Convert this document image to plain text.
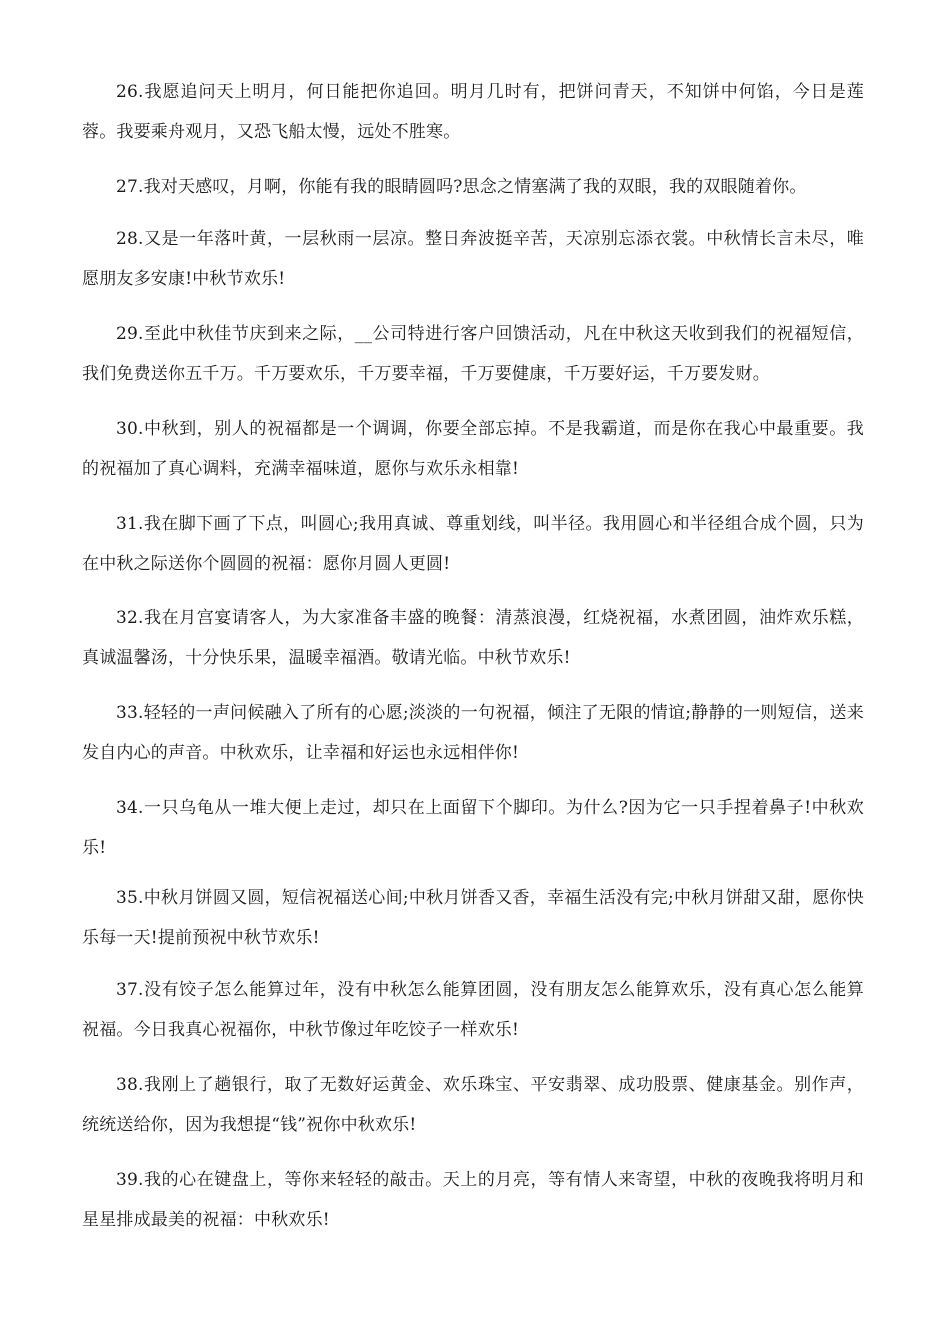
26.我愿追问天上明月，何日能把你追回。明月几时有，把饼问青天，不知饼中何馅，今日是莲蓉。我要乘舟观月，又恐飞船太慢，远处不胜寒。

27.我对天感叹，月啊，你能有我的眼睛圆吗?思念之情塞满了我的双眼，我的双眼随着你。

28.又是一年落叶黄，一层秋雨一层凉。整日奔波挺辛苦，天凉别忘添衣裳。中秋情长言未尽，唯愿朋友多安康!中秋节欢乐!

29.至此中秋佳节庆到来之际，__公司特进行客户回馈活动，凡在中秋这天收到我们的祝福短信，我们免费送你五千万。千万要欢乐，千万要幸福，千万要健康，千万要好运，千万要发财。

30.中秋到，别人的祝福都是一个调调，你要全部忘掉。不是我霸道，而是你在我心中最重要。我的祝福加了真心调料，充满幸福味道，愿你与欢乐永相靠!

31.我在脚下画了下点，叫圆心;我用真诚、尊重划线，叫半径。我用圆心和半径组合成个圆，只为在中秋之际送你个圆圆的祝福：愿你月圆人更圆!

32.我在月宫宴请客人，为大家准备丰盛的晚餐：清蒸浪漫，红烧祝福，水煮团圆，油炸欢乐糕，真诚温馨汤，十分快乐果，温暖幸福酒。敬请光临。中秋节欢乐!

33.轻轻的一声问候融入了所有的心愿;淡淡的一句祝福，倾注了无限的情谊;静静的一则短信，送来发自内心的声音。中秋欢乐，让幸福和好运也永远相伴你!

34.一只乌龟从一堆大便上走过，却只在上面留下个脚印。为什么?因为它一只手捏着鼻子!中秋欢乐!

35.中秋月饼圆又圆，短信祝福送心间;中秋月饼香又香，幸福生活没有完;中秋月饼甜又甜，愿你快乐每一天!提前预祝中秋节欢乐!

37.没有饺子怎么能算过年，没有中秋怎么能算团圆，没有朋友怎么能算欢乐，没有真心怎么能算祝福。今日我真心祝福你，中秋节像过年吃饺子一样欢乐!

38.我刚上了趟银行，取了无数好运黄金、欢乐珠宝、平安翡翠、成功股票、健康基金。别作声，统统送给你，因为我想提“钱”祝你中秋欢乐!

39.我的心在键盘上，等你来轻轻的敲击。天上的月亮，等有情人来寄望，中秋的夜晚我将明月和星星排成最美的祝福：中秋欢乐!
